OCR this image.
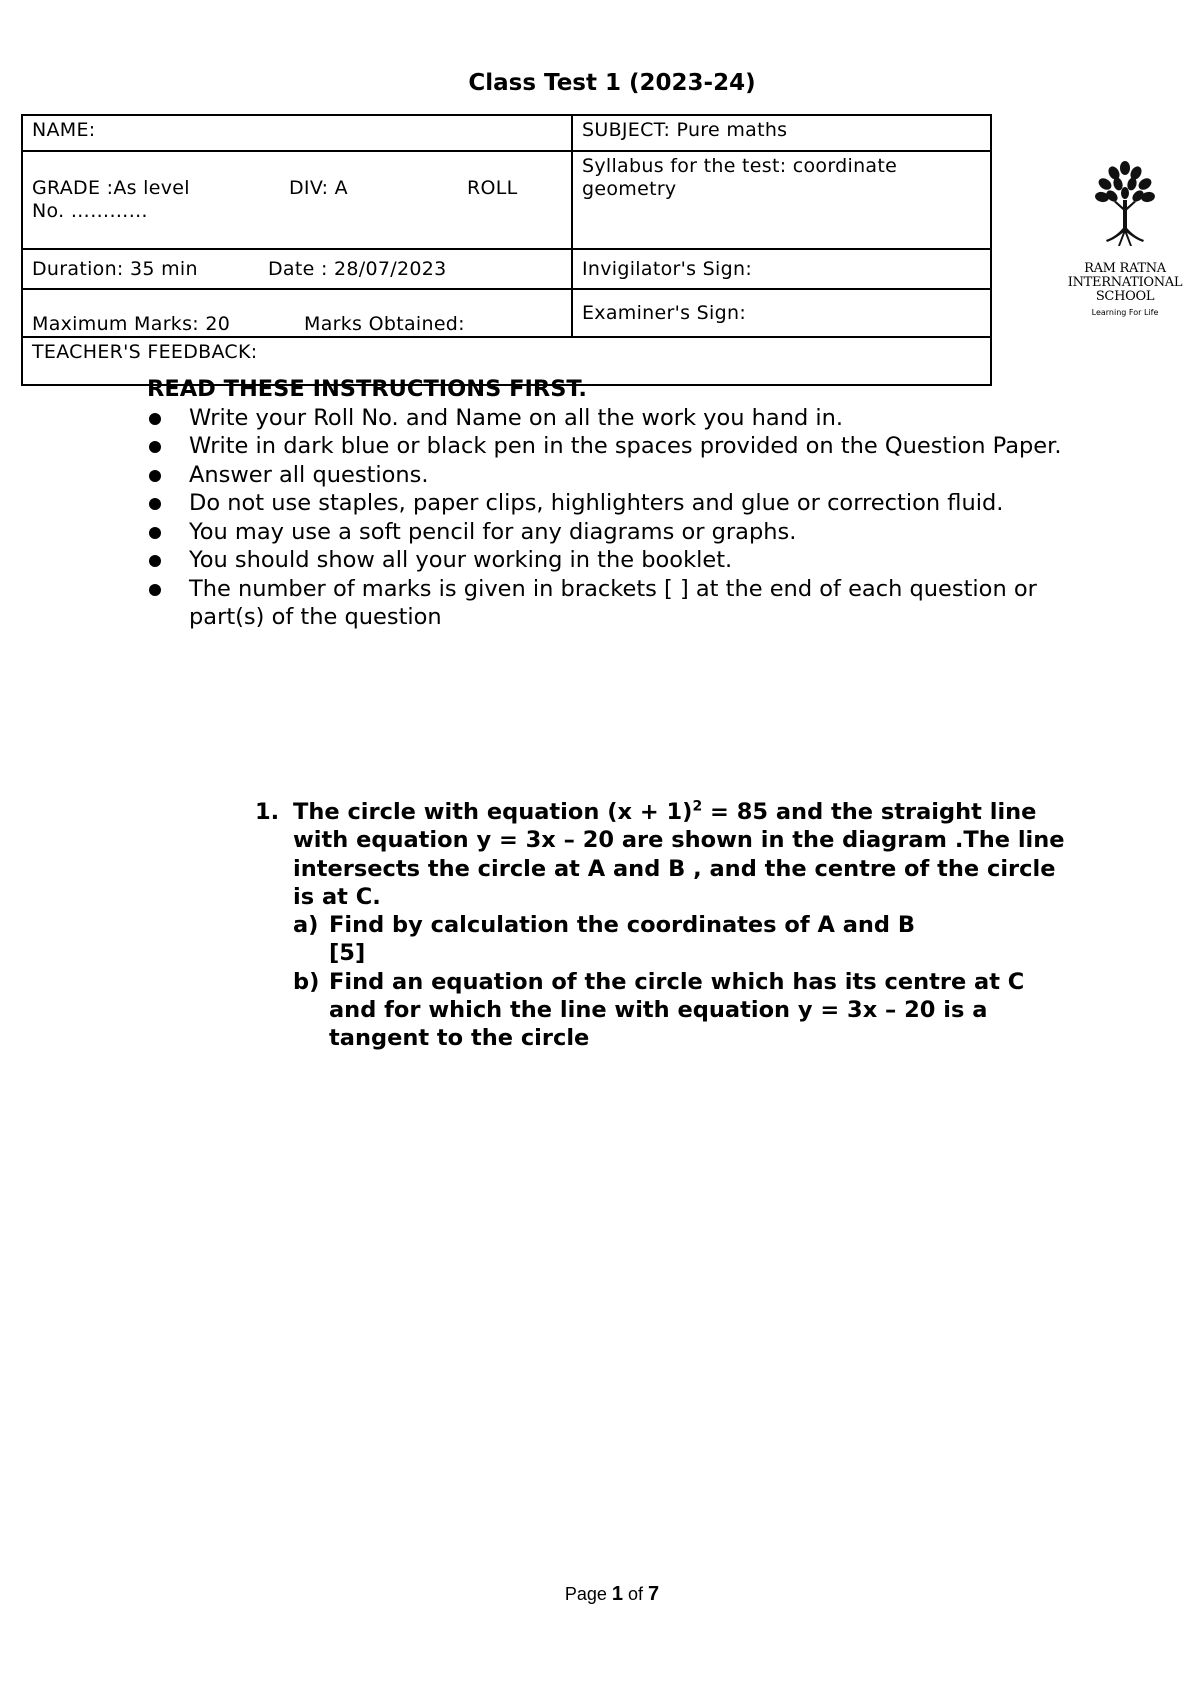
Class Test 1 (2023-24)
NAME:	SUBJECT: Pure maths
GRADE :As level DIV: A ROLL
No. …………	Syllabus for the test: coordinate geometry
Duration: 35 min Date : 28/07/2023	Invigilator's Sign:
Maximum Marks: 20 Marks Obtained:	Examiner's Sign:
TEACHER'S FEEDBACK:	
RAM RATNA
INTERNATIONAL
SCHOOL
Learning For Life
READ THESE INSTRUCTIONS FIRST.
Write your Roll No. and Name on all the work you hand in.
Write in dark blue or black pen in the spaces provided on the Question Paper.
Answer all questions.
Do not use staples, paper clips, highlighters and glue or correction fluid.
You may use a soft pencil for any diagrams or graphs.
You should show all your working in the booklet.
The number of marks is given in brackets [ ] at the end of each question or part(s) of the question
1. The circle with equation $(x + 1)^2 = 85$ and the straight line with equation y = 3x – 20 are shown in the diagram .The line intersects the circle at A and B , and the centre of the circle is at C.
a) Find by calculation the coordinates of A and B
[5]
b) Find an equation of the circle which has its centre at C and for which the line with equation y = 3x – 20 is a tangent to the circle
Page 1 of 7
